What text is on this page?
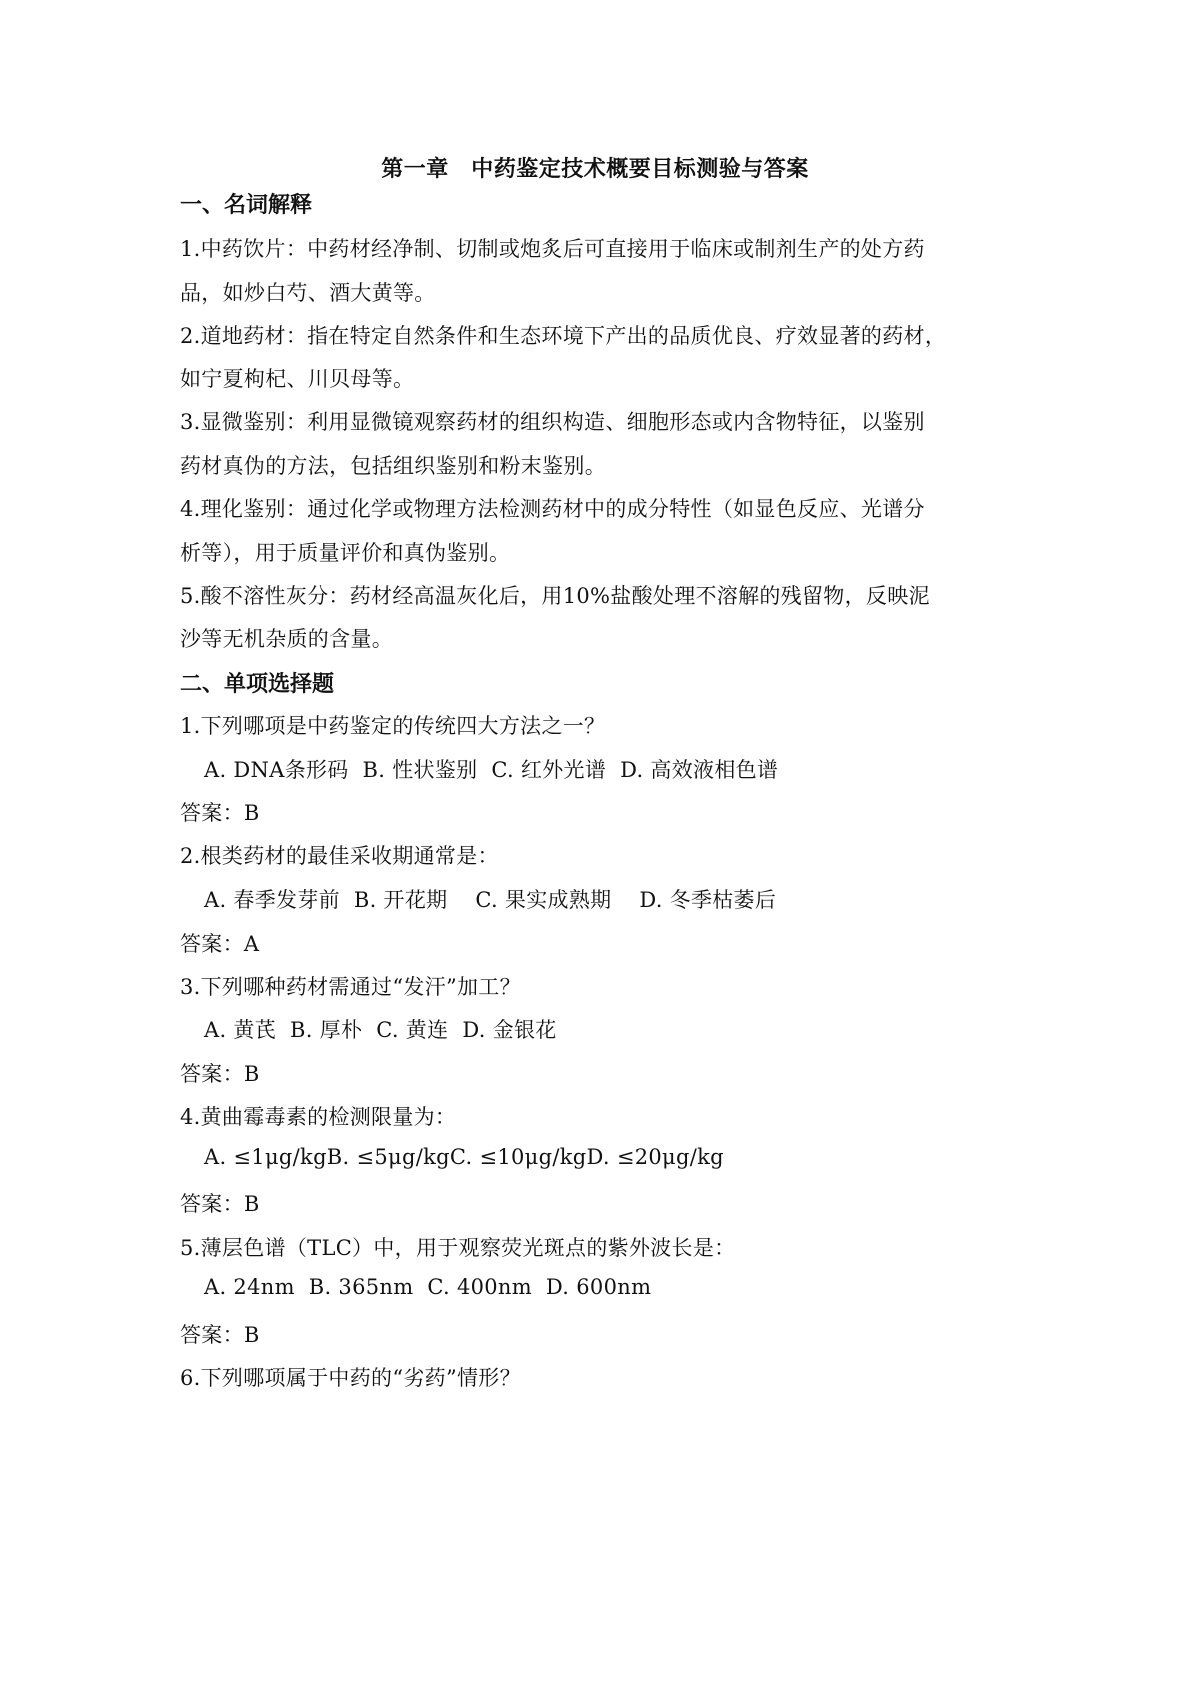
第一章　中药鉴定技术概要目标测验与答案
一、名词解释
1.中药饮片：中药材经净制、切制或炮炙后可直接用于临床或制剂生产的处方药
品，如炒白芍、酒大黄等。
2.道地药材：指在特定自然条件和生态环境下产出的品质优良、疗效显著的药材，
如宁夏枸杞、川贝母等。
3.显微鉴别：利用显微镜观察药材的组织构造、细胞形态或内含物特征，以鉴别
药材真伪的方法，包括组织鉴别和粉末鉴别。
4.理化鉴别：通过化学或物理方法检测药材中的成分特性（如显色反应、光谱分
析等），用于质量评价和真伪鉴别。
5.酸不溶性灰分：药材经高温灰化后，用10%盐酸处理不溶解的残留物，反映泥
沙等无机杂质的含量。
二、单项选择题
1.下列哪项是中药鉴定的传统四大方法之一？
A. DNA条形码  B. 性状鉴别  C. 红外光谱  D. 高效液相色谱
答案：B
2.根类药材的最佳采收期通常是：
A. 春季发芽前  B. 开花期    C. 果实成熟期    D. 冬季枯萎后
答案：A
3.下列哪种药材需通过“发汗”加工？
A. 黄芪  B. 厚朴  C. 黄连  D. 金银花
答案：B
4.黄曲霉毒素的检测限量为：
A. ≤1μg/kgB. ≤5μg/kgC. ≤10μg/kgD. ≤20μg/kg
答案：B
5.薄层色谱（TLC）中，用于观察荧光斑点的紫外波长是：
A. 24nm  B. 365nm  C. 400nm  D. 600nm
答案：B
6.下列哪项属于中药的“劣药”情形？
